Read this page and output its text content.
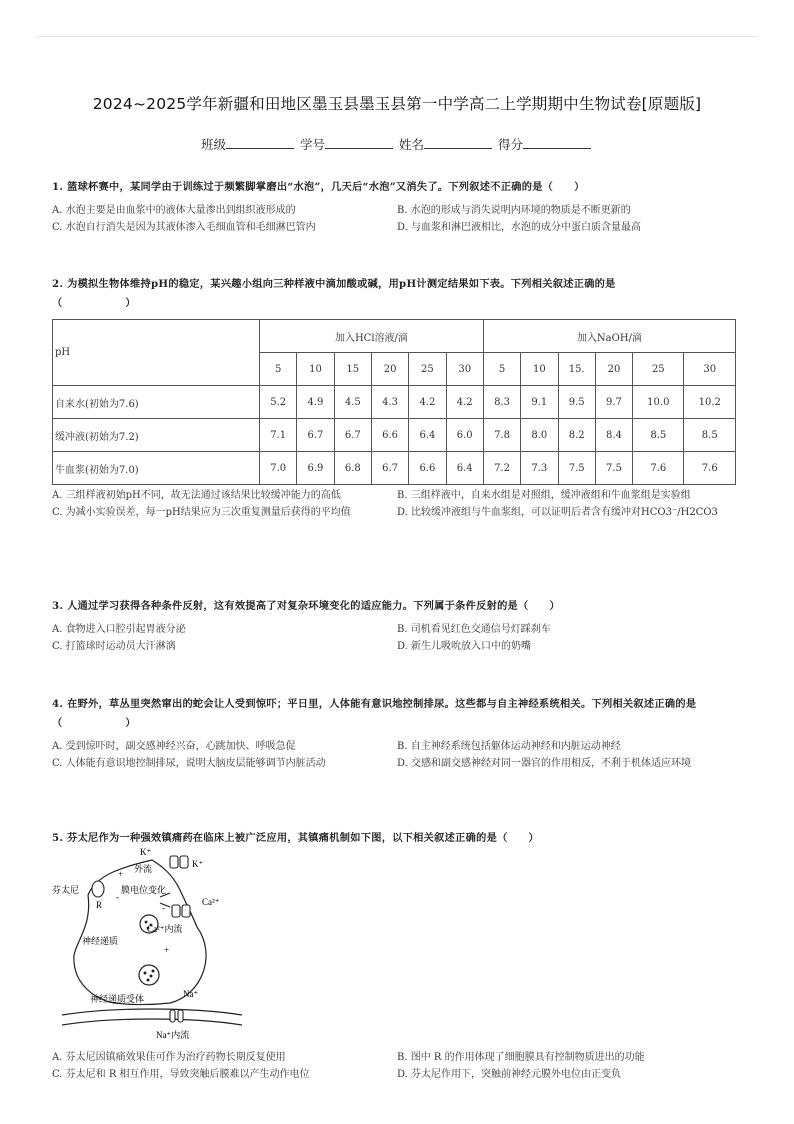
2024~2025学年新疆和田地区墨玉县墨玉县第一中学高二上学期期中生物试卷[原题版]
班级	学号	姓名	得分
1. 篮球杯赛中，某同学由于训练过于频繁脚掌磨出“水泡”，几天后“水泡”又消失了。下列叙述不正确的是（　　）
A. 水泡主要是由血浆中的液体大量渗出到组织液形成的	B. 水泡的形成与消失说明内环境的物质是不断更新的
C. 水泡自行消失是因为其液体渗入毛细血管和毛细淋巴管内	D. 与血浆和淋巴液相比，水泡的成分中蛋白质含量最高
2. 为模拟生物体维持pH的稳定，某兴趣小组向三种样液中滴加酸或碱，用pH计测定结果如下表。下列相关叙述正确的是
（　　　　　　）
pH	加入HCl溶液/滴						加入NaOH/滴					
	5	10	15	20	25	30	5	10	15.	20	25	30
自来水(初始为7.6)	5.2	4.9	4.5	4.3	4.2	4.2	8.3	9.1	9.5	9.7	10.0	10.2
缓冲液(初始为7.2)	7.1	6.7	6.7	6.6	6.4	6.0	7.8	8.0	8.2	8.4	8.5	8.5
牛血浆(初始为7.0)	7.0	6.9	6.8	6.7	6.6	6.4	7.2	7.3	7.5	7.5	7.6	7.6
A. 三组样液初始pH不同，故无法通过该结果比较缓冲能力的高低	B. 三组样液中，自来水组是对照组，缓冲液组和牛血浆组是实验组
C. 为减小实验误差，每一pH结果应为三次重复测量后获得的平均值	D. 比较缓冲液组与牛血浆组，可以证明后者含有缓冲对HCO3⁻/H2CO3
3. 人通过学习获得各种条件反射，这有效提高了对复杂环境变化的适应能力。下列属于条件反射的是（　　）
A. 食物进入口腔引起胃液分泌	B. 司机看见红色交通信号灯踩刹车
C. 打篮球时运动员大汗淋漓	D. 新生儿吸吮放入口中的奶嘴
4. 在野外，草丛里突然窜出的蛇会让人受到惊吓；平日里，人体能有意识地控制排尿。这些都与自主神经系统相关。下列相关叙述正确的是（　　　　　　）
A. 受到惊吓时，副交感神经兴奋，心跳加快、呼吸急促	B. 自主神经系统包括躯体运动神经和内脏运动神经
C. 人体能有意识地控制排尿，说明大脑皮层能够调节内脏活动	D. 交感和副交感神经对同一器官的作用相反，不利于机体适应环境
5. 芬太尼作为一种强效镇痛药在临床上被广泛应用，其镇痛机制如下图，以下相关叙述正确的是（　　）
K⁺
K⁺
外流
膜电位变化
芬太尼
R	Ca²⁺
Ca²⁺内流
神经递质
神经递质受体	Na⁺
Na⁺内流
+
+
-
-
A. 芬太尼因镇痛效果佳可作为治疗药物长期反复使用	B. 图中 R 的作用体现了细胞膜具有控制物质进出的功能
C. 芬太尼和 R 相互作用，导致突触后膜难以产生动作电位	D. 芬太尼作用下，突触前神经元膜外电位由正变负
